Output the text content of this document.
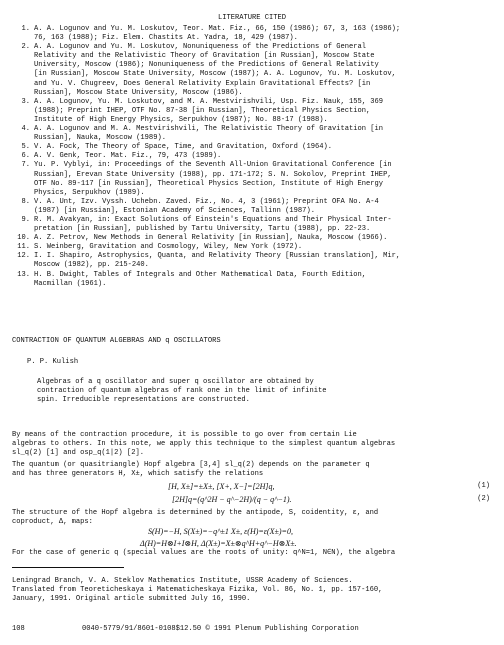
LITERATURE CITED
1. A. A. Logunov and Yu. M. Loskutov, Teor. Mat. Fiz., 66, 150 (1986); 67, 3, 163 (1986);
76, 163 (1988); Fiz. Elem. Chastits At. Yadra, 18, 429 (1987).
2. A. A. Logunov and Yu. M. Loskutov, Nonuniqueness of the Predictions of General
Relativity and the Relativistic Theory of Gravitation [in Russian], Moscow State
University, Moscow (1986); Nonuniqueness of the Predictions of General Relativity
[in Russian], Moscow State University, Moscow (1987); A. A. Logunov, Yu. M. Loskutov,
and Yu. V. Chugreev, Does General Relativity Explain Gravitational Effects? [in
Russian], Moscow State University, Moscow (1986).
3. A. A. Logunov, Yu. M. Loskutov, and M. A. Mestvirishvili, Usp. Fiz. Nauk, 155, 369
(1988); Preprint IHEP, OTF No. 87-38 [in Russian], Theoretical Physics Section,
Institute of High Energy Physics, Serpukhov (1987); No. 88-17 (1988).
4. A. A. Logunov and M. A. Mestvirishvili, The Relativistic Theory of Gravitation [in
Russian], Nauka, Moscow (1989).
5. V. A. Fock, The Theory of Space, Time, and Gravitation, Oxford (1964).
6. A. V. Genk, Teor. Mat. Fiz., 79, 473 (1989).
7. Yu. P. Vyblyi, in: Proceedings of the Seventh All-Union Gravitational Conference [in
Russian], Erevan State University (1988), pp. 171-172; S. N. Sokolov, Preprint IHEP,
OTF No. 89-117 [in Russian], Theoretical Physics Section, Institute of High Energy
Physics, Serpukhov (1989).
8. V. A. Unt, Izv. Vyssh. Uchebn. Zaved. Fiz., No. 4, 3 (1961); Preprint OFA No. A-4
(1987) [in Russian], Estonian Academy of Sciences, Tallinn (1987).
9. R. M. Avakyan, in: Exact Solutions of Einstein's Equations and Their Physical Inter-
pretation [in Russian], published by Tartu University, Tartu (1988), pp. 22-23.
10. A. Z. Petrov, New Methods in General Relativity [in Russian], Nauka, Moscow (1966).
11. S. Weinberg, Gravitation and Cosmology, Wiley, New York (1972).
12. I. I. Shapiro, Astrophysics, Quanta, and Relativity Theory [Russian translation], Mir,
Moscow (1982), pp. 215-240.
13. H. B. Dwight, Tables of Integrals and Other Mathematical Data, Fourth Edition,
Macmillan (1961).
CONTRACTION OF QUANTUM ALGEBRAS AND q OSCILLATORS
P. P. Kulish
Algebras of a q oscillator and super q oscillator are obtained by
contraction of quantum algebras of rank one in the limit of infinite
spin. Irreducible representations are constructed.
By means of the contraction procedure, it is possible to go over from certain Lie
algebras to others. In this note, we apply this technique to the simplest quantum algebras
sl_q(2) [1] and osp_q(1|2) [2].
The quantum (or quasitriangle) Hopf algebra [3,4] sl_q(2) depends on the parameter q
and has three generators H, X±, which satisfy the relations
[H, X±]=±X±, [X+, X−]=[2H]q,	(1)
[2H]q=(q^2H − q^−2H)/(q − q^−1).	(2)
The structure of the Hopf algebra is determined by the antipode, S, coidentity, ε, and
coproduct, Δ, maps:
S(H)=−H, S(X±)=−q^±1 X±, ε(H)=ε(X±)=0,
Δ(H)=H⊗I+I⊗H, Δ(X±)=X±⊗q^H+q^−H⊗X±.
For the case of generic q (special values are the roots of unity: q^N=1, N∈N), the algebra
Leningrad Branch, V. A. Steklov Mathematics Institute, USSR Academy of Sciences.
Translated from Teoreticheskaya i Matematicheskaya Fizika, Vol. 86, No. 1, pp. 157-160,
January, 1991. Original article submitted July 16, 1990.
108	0040-5779/91/8601-0108$12.50 © 1991 Plenum Publishing Corporation
